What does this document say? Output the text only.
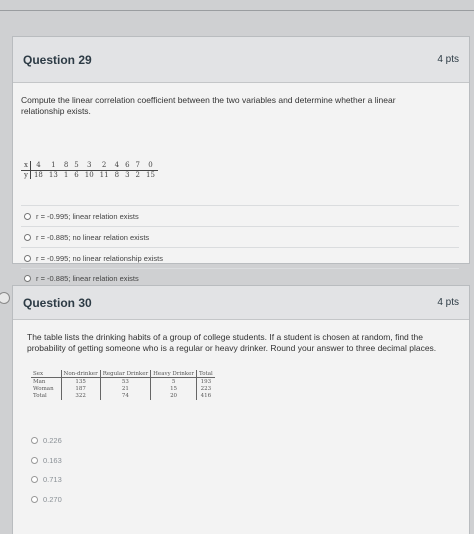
Question 29	4 pts
Compute the linear correlation coefficient between the two variables and determine whether a linear relationship exists.
x	4	1	8	5	3	2	4	6	7	0
y	18	13	1	6	10	11	8	3	2	15
r = -0.995; linear relation exists
r = -0.885; no linear relation exists
r = -0.995; no linear relationship exists
r = -0.885; linear relation exists
Question 30	4 pts
The table lists the drinking habits of a group of college students. If a student is chosen at random, find the probability of getting someone who is a regular or heavy drinker. Round your answer to three decimal places.
Sex	Non-drinker	Regular Drinker	Heavy Drinker	Total
Man	135	53	5	193
Woman	187	21	15	223
Total	322	74	20	416
0.226
0.163
0.713
0.270
